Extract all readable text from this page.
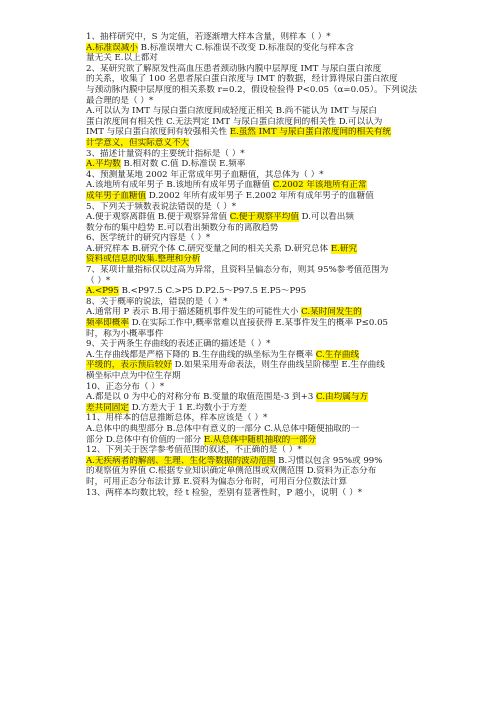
1、抽样研究中，S 为定值，若逐渐增大样本含量，则样本（ ）*
A.标准误减小 B.标准误增大 C.标准误不改变 D.标准误的变化与样本含
量无关 E.以上都对
2、某研究欲了解原发性高血压患者颈动脉内膜中层厚度 IMT 与尿白蛋白浓度
的关系，收集了 100 名患者尿白蛋白浓度与 IMT 的数据，经计算得尿白蛋白浓度
与颈动脉内膜中层厚度的相关系数 r=0.2，假设检验得 P<0.05（α=0.05）。下列说法
最合理的是（ ）*
A.可以认为 IMT 与尿白蛋白浓度间成轻度正相关 B.尚不能认为 IMT 与尿白
蛋白浓度间有相关性 C.无法判定 IMT 与尿白蛋白浓度间的相关性 D.可以认为
IMT 与尿白蛋白浓度间有较强相关性 E.虽然 IMT 与尿白蛋白浓度间的相关有统
计学意义，但实际意义不大
3、描述计量资料的主要统计指标是（ ）*
A.平均数 B.相对数 C.值 D.标准误 E.频率
4、预测量某地 2002 年正常成年男子血糖值，其总体为（ ）*
A.该地所有成年男子 B.该地所有成年男子血糖值 C.2002 年该地所有正常
成年男子血糖值 D.2002 年所有成年男子 E.2002 年所有成年男子的血糖值
5、下列关于频数表说法错误的是（ ）*
A.便于观察离群值 B.便于观察异常值 C.便于观察平均值 D.可以看出频
数分布的集中趋势 E.可以看出频数分布的离散趋势
6、医学统计的研究内容是（ ）*
A.研究样本 B.研究个体 C.研究变量之间的相关关系 D.研究总体 E.研究
资料或信息的收集.整理和分析
7、某项计量指标仅以过高为异常，且资料呈偏态分布，则其 95%参考值范围为
（ ）*
A.<P95 B.<P97.5 C.>P5 D.P2.5～P97.5 E.P5～P95
8、关于概率的说法，错误的是（ ）*
A.通常用 P 表示 B.用于描述随机事件发生的可能性大小 C.某时间发生的
频率即概率 D.在实际工作中,概率常难以直接获得 E.某事件发生的概率 P≤0.05
时，称为小概率事件
9、关于两条生存曲线的表述正确的描述是（ ）*
A.生存曲线都是严格下降的 B.生存曲线的纵坐标为生存概率 C.生存曲线
平缓的，表示预后较好 D.如果采用寿命表法，则生存曲线呈阶梯型 E.生存曲线
横坐标中点为中位生存期
10、正态分布（ ）*
A.都是以 0 为中心的对称分布 B.变量的取值范围是-3 到+3 C.由均属与方
差共同固定 D.方差大于 1 E.均数小于方差
11、用样本的信息推断总体，样本应该是（ ）*
A.总体中的典型部分 B.总体中有意义的一部分 C.从总体中随便抽取的一
部分 D.总体中有价值的一部分 E.从总体中随机抽取的一部分
12、下列关于医学参考值范围的叙述，不正确的是（ ）*
A.无疾病者的解剖、生理、生化等数据的波动范围 B.习惯以包含 95%或 99%
的观察值为界值 C.根据专业知识确定单侧范围或双侧范围 D.资料为正态分布
时，可用正态分布法计算 E.资料为偏态分布时，可用百分位数法计算
13、两样本均数比较，经 t 检验，差别有显著性时，P 越小，说明（ ）*
